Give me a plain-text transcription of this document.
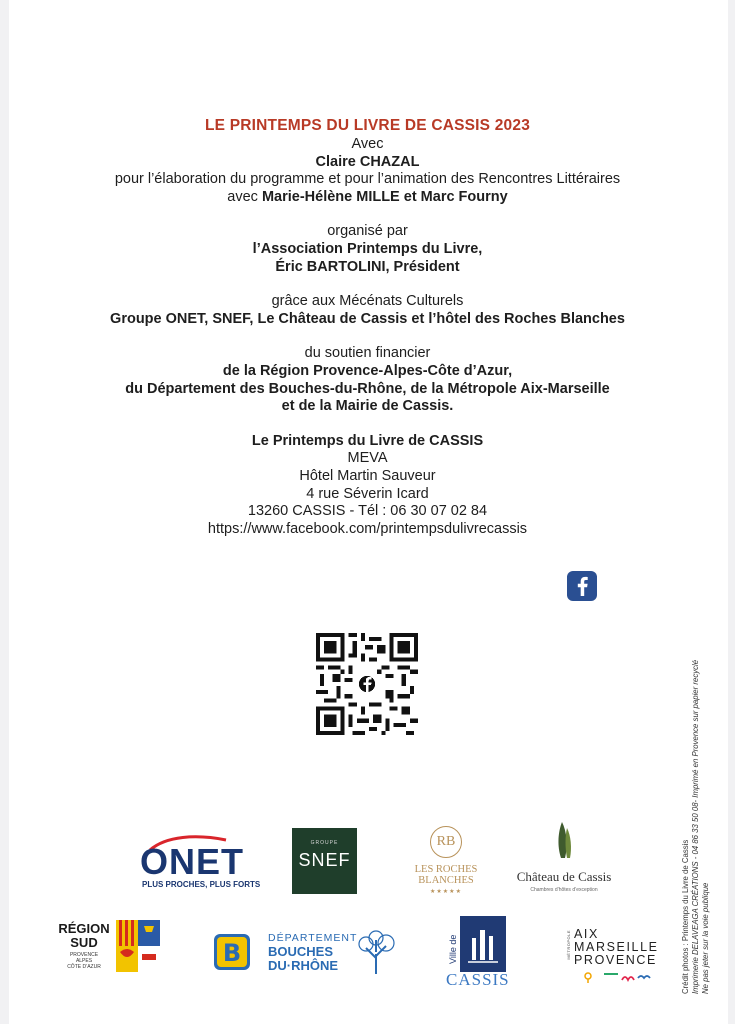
LE PRINTEMPS DU LIVRE DE CASSIS 2023
Avec
Claire CHAZAL
pour l’élaboration du programme et pour l’animation des Rencontres Littéraires
avec Marie-Hélène MILLE et Marc Fourny
organisé par
l’Association Printemps du Livre,
Éric BARTOLINI, Président
grâce aux Mécénats Culturels
Groupe ONET, SNEF, Le Château de Cassis et l’hôtel des Roches Blanches
du soutien financier
de la Région Provence-Alpes-Côte d’Azur,
du Département des Bouches-du-Rhône, de la Métropole Aix-Marseille
et de la Mairie de Cassis.
Le Printemps du Livre de CASSIS
MEVA
Hôtel Martin Sauveur
4 rue Séverin Icard
13260 CASSIS - Tél : 06 30 07 02 84
https://www.facebook.com/printempsdulivrecassis
ONET
PLUS PROCHES, PLUS FORTS
GROUPE
SNEF
RB
LES ROCHES
BLANCHES
★★★★★
Château de Cassis
Chambres d’hôtes d’exception
RÉGION
SUD
PROVENCE
ALPES
CÔTE D’AZUR	B
DÉPARTEMENT
BOUCHES
DU·RHÔNE
Ville de
CASSIS
MÉTROPOLE AIX
MARSEILLE
PROVENCE	Crédit photos : Printemps du Livre de Cassis Imprimerie DELAVEAGA CRÉATIONS - 04 86 33 50 08- Imprimé en Provence sur papier recyclé Ne pas jeter sur la voie publique
